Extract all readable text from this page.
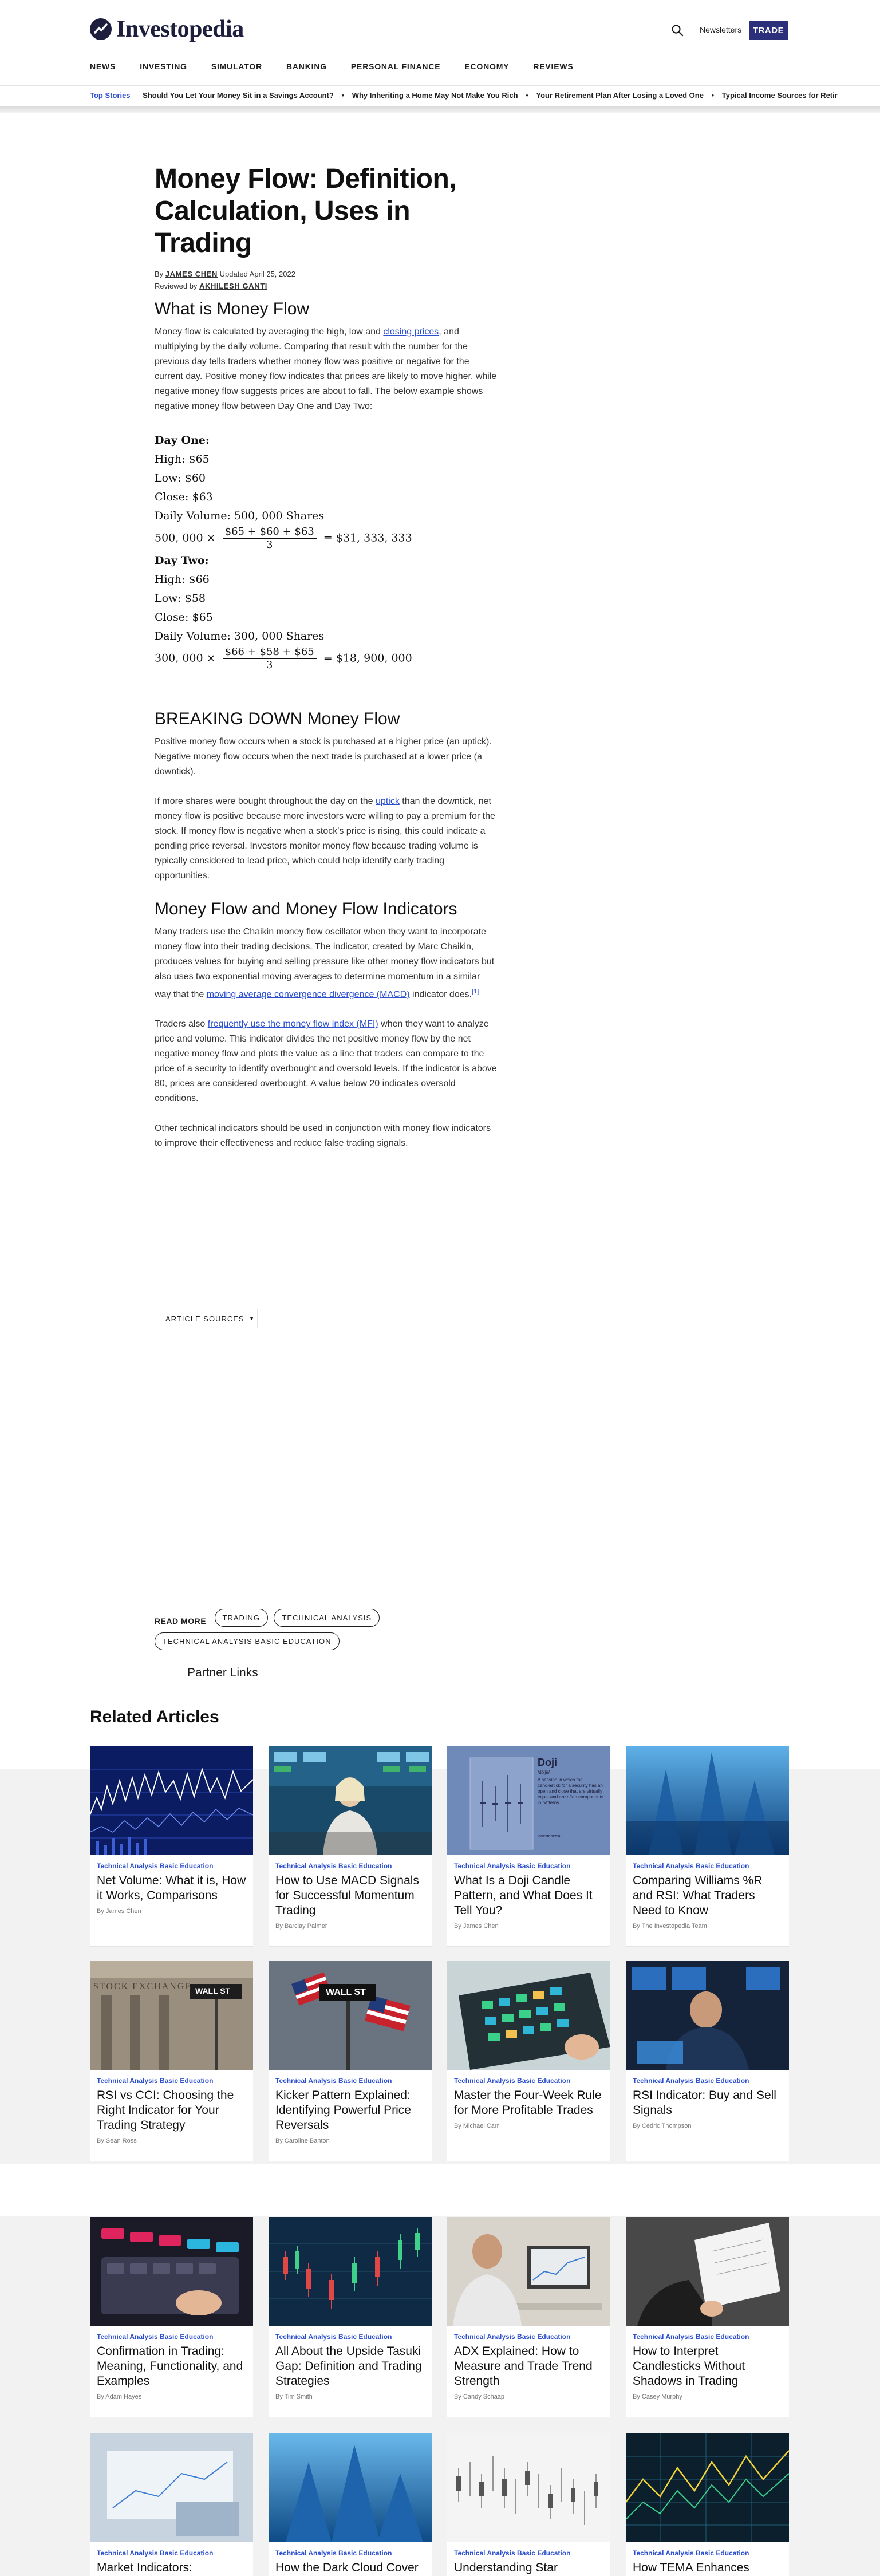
Investopedia	Newsletters	TRADE
NEWS	INVESTING	SIMULATOR	BANKING	PERSONAL FINANCE	ECONOMY	REVIEWS
Top Stories Should You Let Your Money Sit in a Savings Account? • Why Inheriting a Home May Not Make You Rich • Your Retirement Plan After Losing a Loved One • Typical Income Sources for Retir
Money Flow: Definition, Calculation, Uses in Trading
By JAMES CHEN Updated April 25, 2022
Reviewed by AKHILESH GANTI
What is Money Flow

Money flow is calculated by averaging the high, low and closing prices, and multiplying by the daily volume. Comparing that result with the number for the previous day tells traders whether money flow was positive or negative for the current day. Positive money flow indicates that prices are likely to move higher, while negative money flow suggests prices are about to fall. The below example shows negative money flow between Day One and Day Two:

Day One:
High: $65
Low: $60
Close: $63
Daily Volume: 500, 000 Shares
500, $000 \times \frac{\$65 + \$60 + \$63}{3}$ = $31, 333, 333
Day Two:
High: $66
Low: $58
Close: $65
Daily Volume: 300, 000 Shares
300, $000 \times \frac{\$66 + \$58 + \$65}{3}$ = $18, 900, 000
BREAKING DOWN Money Flow

Positive money flow occurs when a stock is purchased at a higher price (an uptick). Negative money flow occurs when the next trade is purchased at a lower price (a downtick).

If more shares were bought throughout the day on the uptick than the downtick, net money flow is positive because more investors were willing to pay a premium for the stock. If money flow is negative when a stock's price is rising, this could indicate a pending price reversal. Investors monitor money flow because trading volume is typically considered to lead price, which could help identify early trading opportunities.

Money Flow and Money Flow Indicators

Many traders use the Chaikin money flow oscillator when they want to incorporate money flow into their trading decisions. The indicator, created by Marc Chaikin, produces values for buying and selling pressure like other money flow indicators but also uses two exponential moving averages to determine momentum in a similar way that the moving average convergence divergence (MACD) indicator does.[1]

Traders also frequently use the money flow index (MFI) when they want to analyze price and volume. This indicator divides the net positive money flow by the net negative money flow and plots the value as a line that traders can compare to the price of a security to identify overbought and oversold levels. If the indicator is above 80, prices are considered overbought. A value below 20 indicates oversold conditions.

Other technical indicators should be used in conjunction with money flow indicators to improve their effectiveness and reduce false trading signals.

ARTICLE SOURCES ▼
READ MORE TRADING	TECHNICAL ANALYSIS
TECHNICAL ANALYSIS BASIC EDUCATION
Partner Links
Related Articles
Technical Analysis Basic Education
Net Volume: What it is, How it Works, Comparisons
By James Chen
Technical Analysis Basic Education
How to Use MACD Signals for Successful Momentum Trading
By Barclay Palmer
Doji
/dō'jē/
A session in which the candlestick for a security has an open and close that are virtually equal and are often components in patterns.
Investopedia
Technical Analysis Basic Education
What Is a Doji Candle Pattern, and What Does It Tell You?
By James Chen
Technical Analysis Basic Education
Comparing Williams %R and RSI: What Traders Need to Know
By The Investopedia Team
STOCK EXCHANGE WALL ST
Technical Analysis Basic Education
RSI vs CCI: Choosing the Right Indicator for Your Trading Strategy
By Sean Ross
WALL ST
Technical Analysis Basic Education
Kicker Pattern Explained: Identifying Powerful Price Reversals
By Caroline Banton
Technical Analysis Basic Education
Master the Four-Week Rule for More Profitable Trades
By Michael Carr
Technical Analysis Basic Education
RSI Indicator: Buy and Sell Signals
By Cedric Thompson
Technical Analysis Basic Education
Confirmation in Trading: Meaning, Functionality, and Examples
By Adam Hayes
Technical Analysis Basic Education
All About the Upside Tasuki Gap: Definition and Trading Strategies
By Tim Smith
Technical Analysis Basic Education
ADX Explained: How to Measure and Trade Trend Strength
By Candy Schaap
Technical Analysis Basic Education
How to Interpret Candlesticks Without Shadows in Trading
By Casey Murphy
Technical Analysis Basic Education
Market Indicators:
Technical Analysis Basic Education
How the Dark Cloud Cover
Technical Analysis Basic Education
Understanding Star
Technical Analysis Basic Education
How TEMA Enhances
